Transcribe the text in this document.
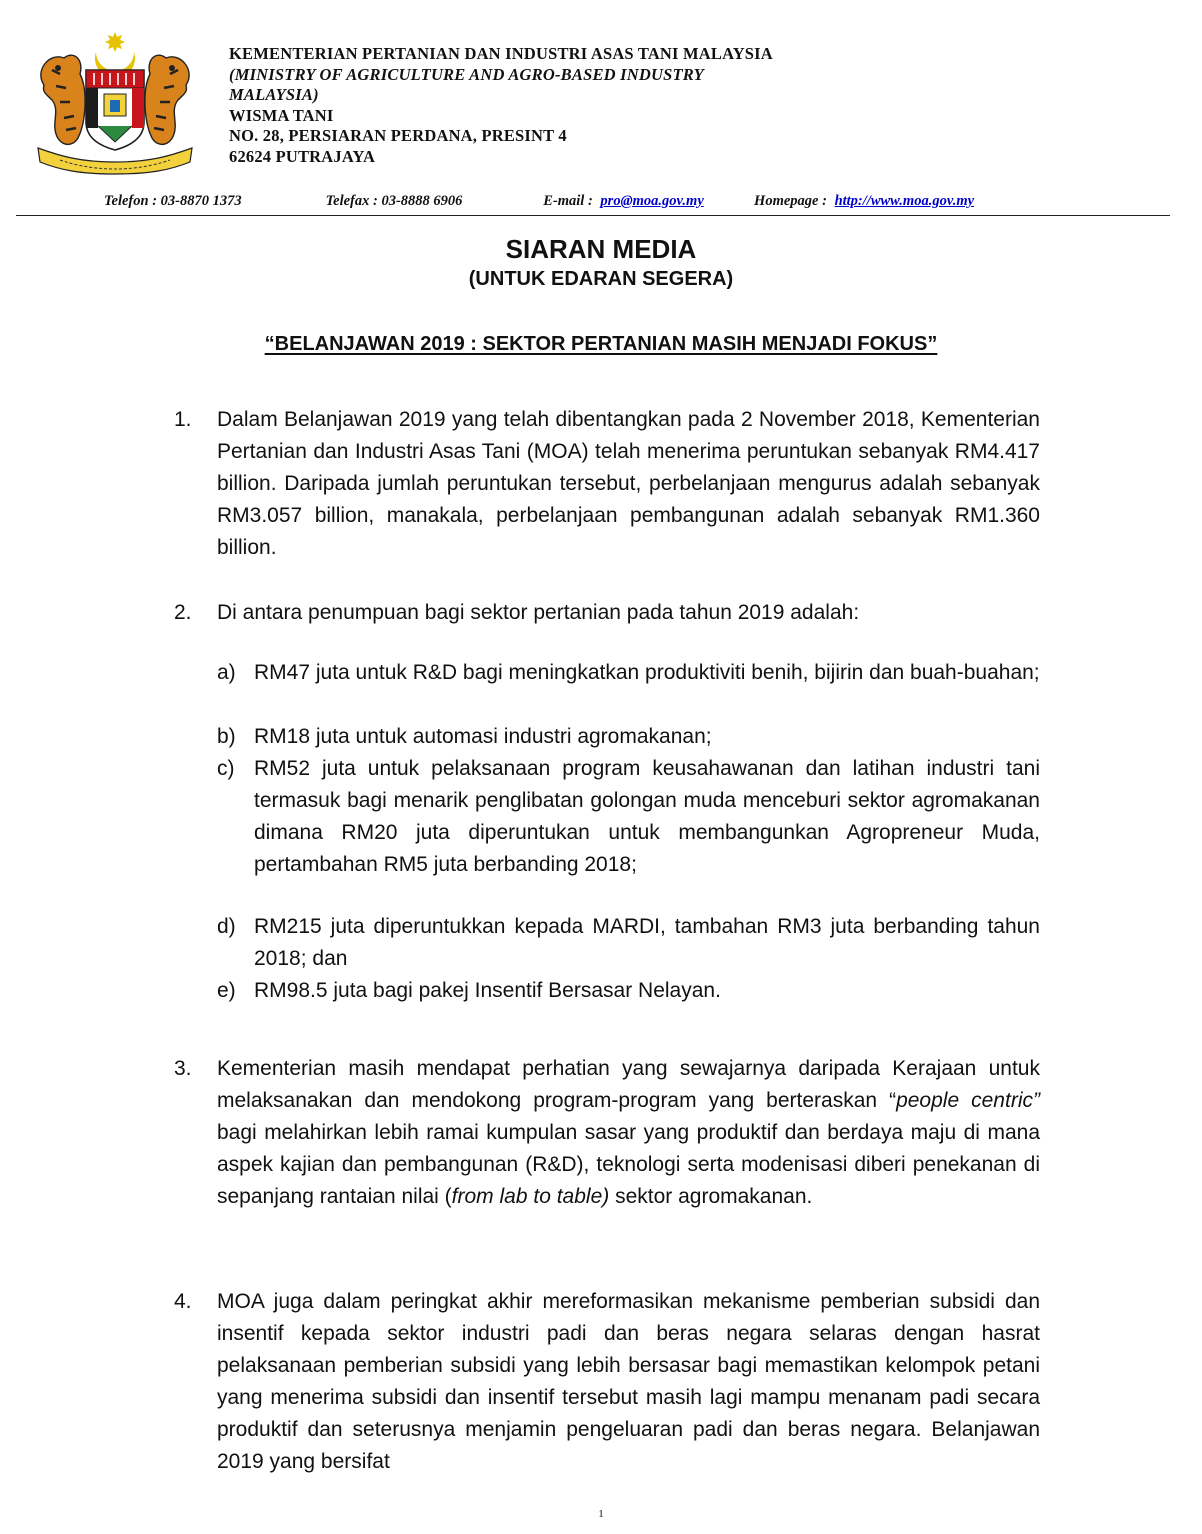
KEMENTERIAN PERTANIAN DAN INDUSTRI ASAS TANI MALAYSIA
(MINISTRY OF AGRICULTURE AND AGRO-BASED INDUSTRY
MALAYSIA)
WISMA TANI
NO. 28, PERSIARAN PERDANA, PRESINT 4
62624 PUTRAJAYA
Telefon : 03-8870 1373	Telefax : 03-8888 6906	E-mail : pro@moa.gov.my	Homepage : http://www.moa.gov.my
SIARAN MEDIA
(UNTUK EDARAN SEGERA)
“BELANJAWAN 2019 : SEKTOR PERTANIAN MASIH MENJADI FOKUS”
1. Dalam Belanjawan 2019 yang telah dibentangkan pada 2 November 2018, Kementerian Pertanian dan Industri Asas Tani (MOA) telah menerima peruntukan sebanyak RM4.417 billion. Daripada jumlah peruntukan tersebut, perbelanjaan mengurus adalah sebanyak RM3.057 billion, manakala, perbelanjaan pembangunan adalah sebanyak RM1.360 billion.
2. Di antara penumpuan bagi sektor pertanian pada tahun 2019 adalah:
a) RM47 juta untuk R&D bagi meningkatkan produktiviti benih, bijirin dan buah-buahan;
b) RM18 juta untuk automasi industri agromakanan;
c) RM52 juta untuk pelaksanaan program keusahawanan dan latihan industri tani termasuk bagi menarik penglibatan golongan muda menceburi sektor agromakanan dimana RM20 juta diperuntukan untuk membangunkan Agropreneur Muda, pertambahan RM5 juta berbanding 2018;
d) RM215 juta diperuntukkan kepada MARDI, tambahan RM3 juta berbanding tahun 2018; dan
e) RM98.5 juta bagi pakej Insentif Bersasar Nelayan.
3. Kementerian masih mendapat perhatian yang sewajarnya daripada Kerajaan untuk melaksanakan dan mendokong program-program yang berteraskan “people centric” bagi melahirkan lebih ramai kumpulan sasar yang produktif dan berdaya maju di mana aspek kajian dan pembangunan (R&D), teknologi serta modenisasi diberi penekanan di sepanjang rantaian nilai (from lab to table) sektor agromakanan.
4. MOA juga dalam peringkat akhir mereformasikan mekanisme pemberian subsidi dan insentif kepada sektor industri padi dan beras negara selaras dengan hasrat pelaksanaan pemberian subsidi yang lebih bersasar bagi memastikan kelompok petani yang menerima subsidi dan insentif tersebut masih lagi mampu menanam padi secara produktif dan seterusnya menjamin pengeluaran padi dan beras negara. Belanjawan 2019 yang bersifat
1
